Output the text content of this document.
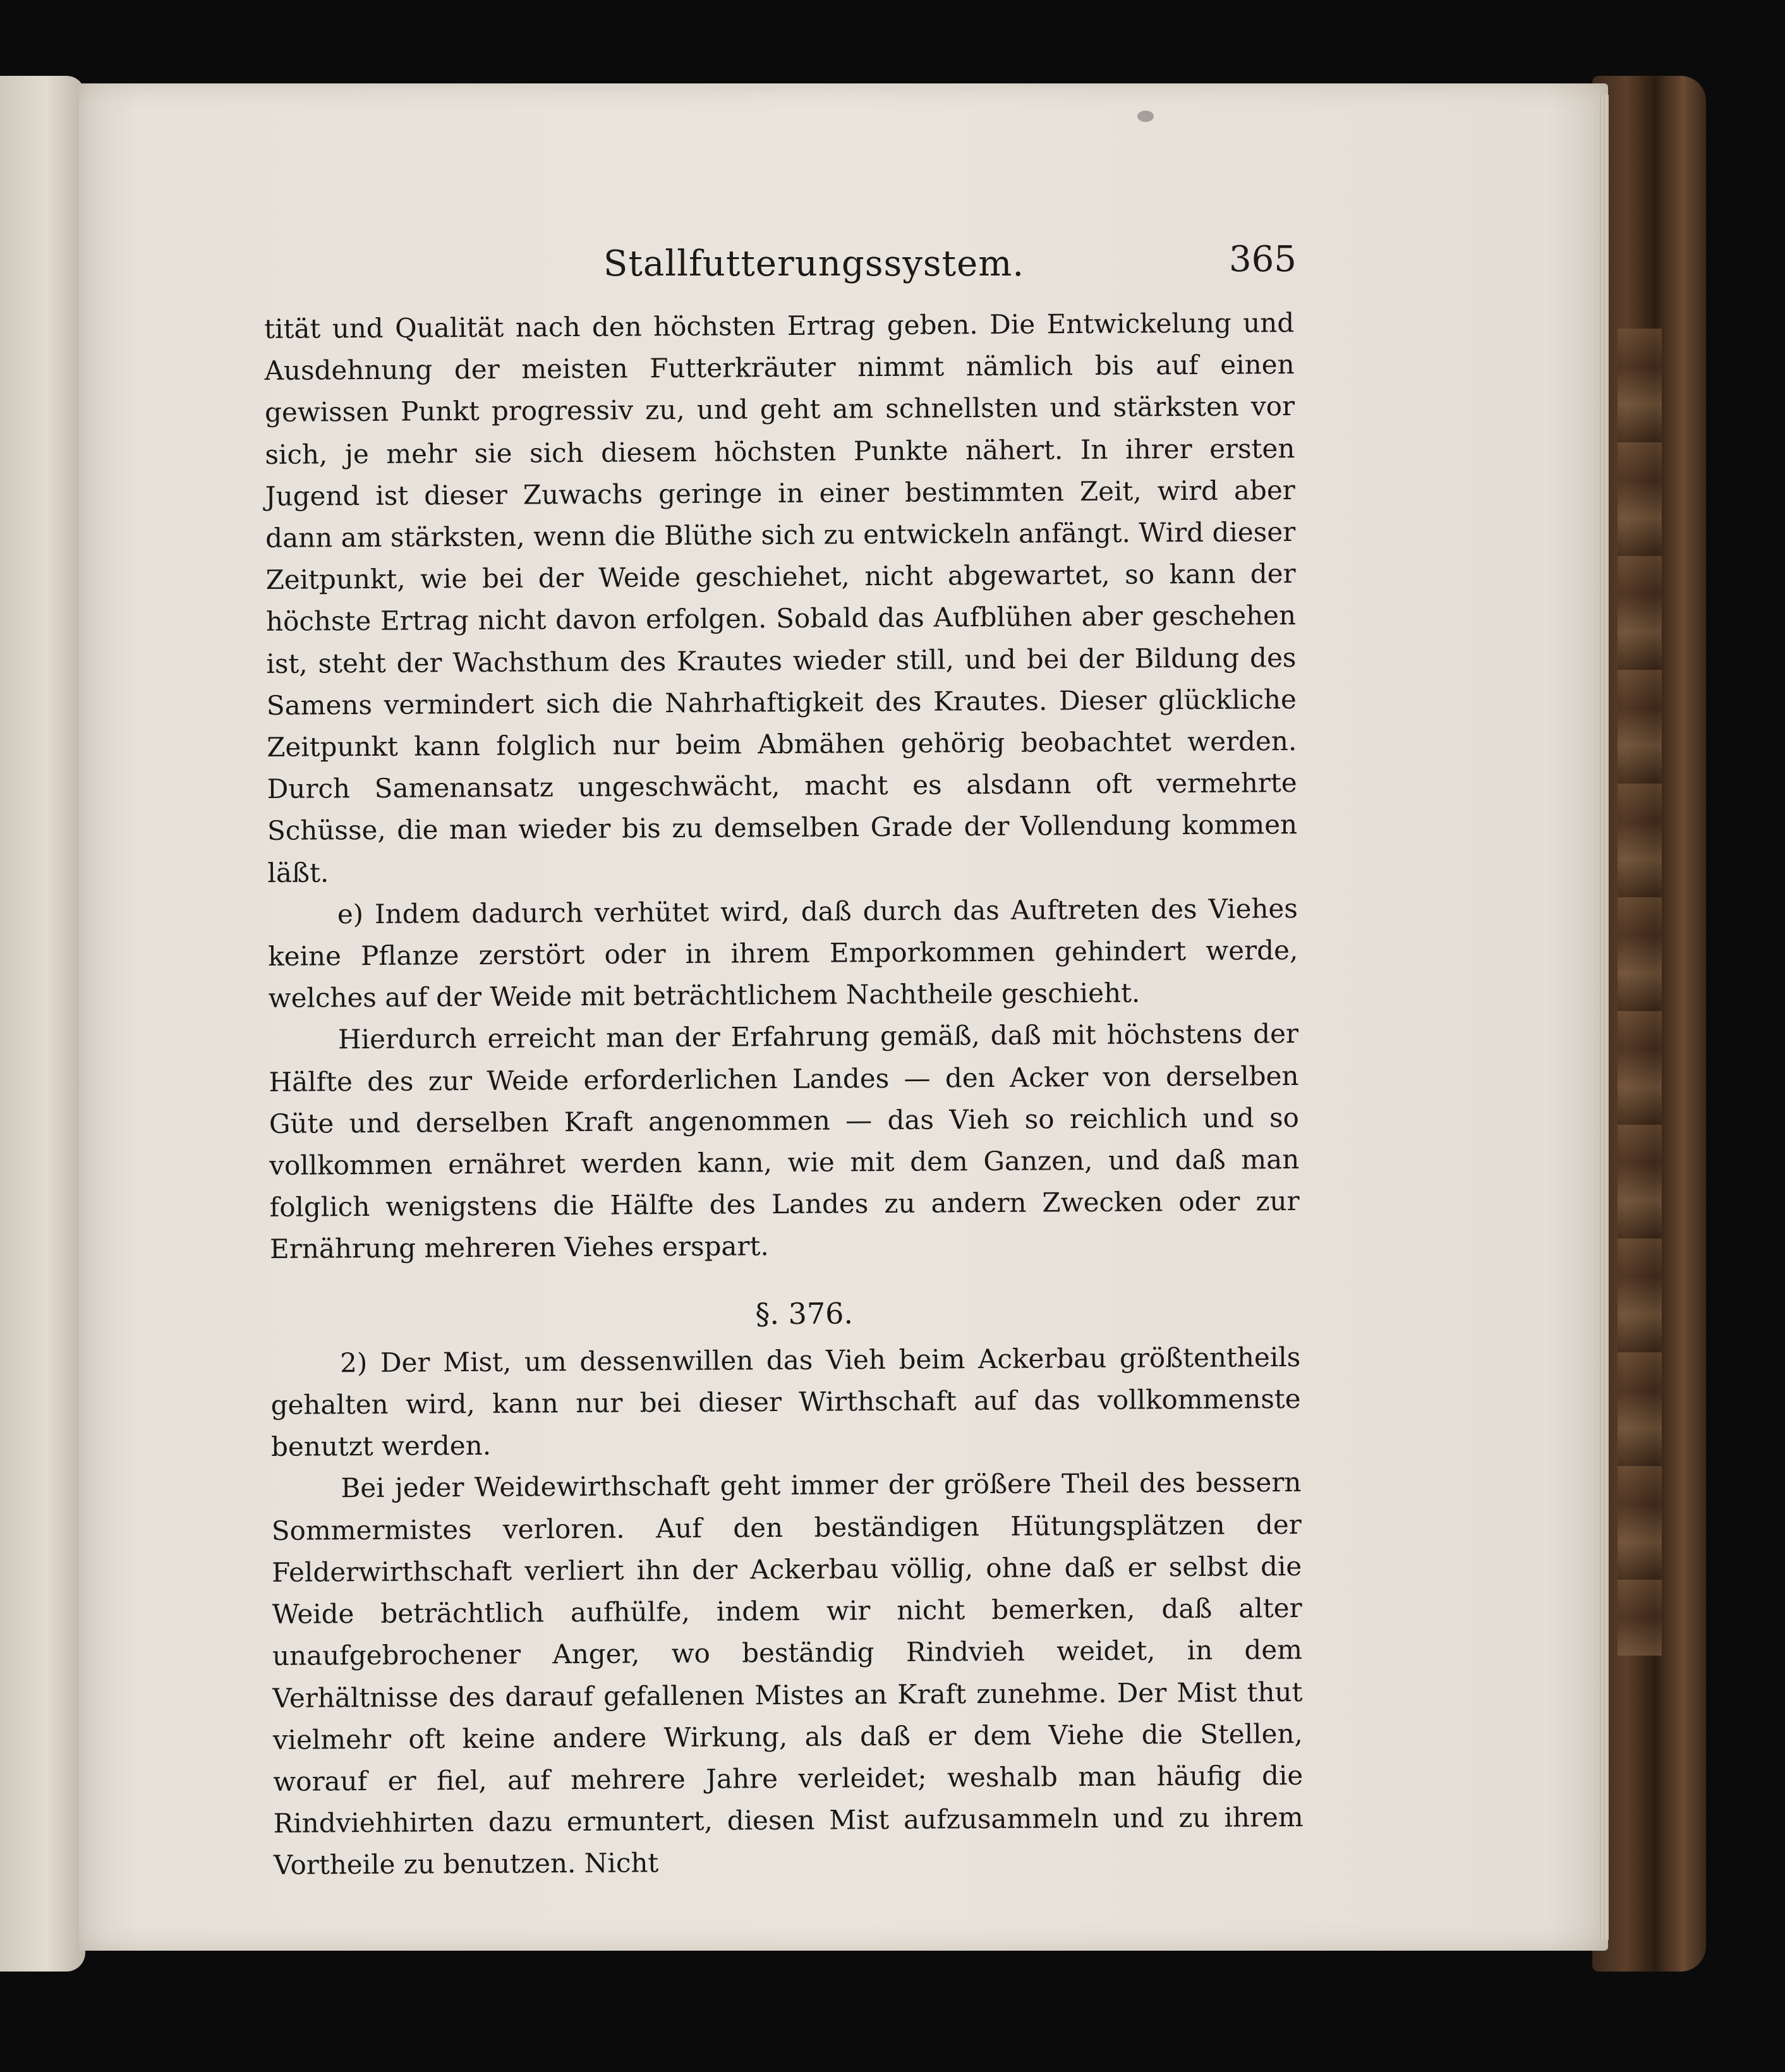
Stallfutterungssystem.	365

tität und Qualität nach den höchsten Ertrag geben. Die Entwickelung und Ausdehnung der meisten Futterkräuter nimmt nämlich bis auf einen gewissen Punkt progressiv zu, und geht am schnellsten und stärksten vor sich, je mehr sie sich diesem höchsten Punkte nähert. In ihrer ersten Jugend ist dieser Zuwachs geringe in einer bestimmten Zeit, wird aber dann am stärksten, wenn die Blüthe sich zu entwickeln anfängt. Wird dieser Zeitpunkt, wie bei der Weide geschiehet, nicht abgewartet, so kann der höchste Ertrag nicht davon erfolgen. Sobald das Aufblühen aber geschehen ist, steht der Wachsthum des Krautes wieder still, und bei der Bildung des Samens vermindert sich die Nahrhaftigkeit des Krautes. Dieser glückliche Zeitpunkt kann folglich nur beim Abmähen gehörig beobachtet werden. Durch Samenansatz ungeschwächt, macht es alsdann oft vermehrte Schüsse, die man wieder bis zu demselben Grade der Vollendung kommen läßt.

e) Indem dadurch verhütet wird, daß durch das Auftreten des Viehes keine Pflanze zerstört oder in ihrem Emporkommen gehindert werde, welches auf der Weide mit beträchtlichem Nachtheile geschieht.

Hierdurch erreicht man der Erfahrung gemäß, daß mit höchstens der Hälfte des zur Weide erforderlichen Landes — den Acker von derselben Güte und derselben Kraft angenommen — das Vieh so reichlich und so vollkommen ernähret werden kann, wie mit dem Ganzen, und daß man folglich wenigstens die Hälfte des Landes zu andern Zwecken oder zur Ernährung mehreren Viehes erspart.

§. 376.

2) Der Mist, um dessenwillen das Vieh beim Ackerbau größtentheils gehalten wird, kann nur bei dieser Wirthschaft auf das vollkommenste benutzt werden.

Bei jeder Weidewirthschaft geht immer der größere Theil des bessern Sommermistes verloren. Auf den beständigen Hütungsplätzen der Felderwirthschaft verliert ihn der Ackerbau völlig, ohne daß er selbst die Weide beträchtlich aufhülfe, indem wir nicht bemerken, daß alter unaufgebrochener Anger, wo beständig Rindvieh weidet, in dem Verhältnisse des darauf gefallenen Mistes an Kraft zunehme. Der Mist thut vielmehr oft keine andere Wirkung, als daß er dem Viehe die Stellen, worauf er fiel, auf mehrere Jahre verleidet; weshalb man häufig die Rindviehhirten dazu ermuntert, diesen Mist aufzusammeln und zu ihrem Vortheile zu benutzen. Nicht
